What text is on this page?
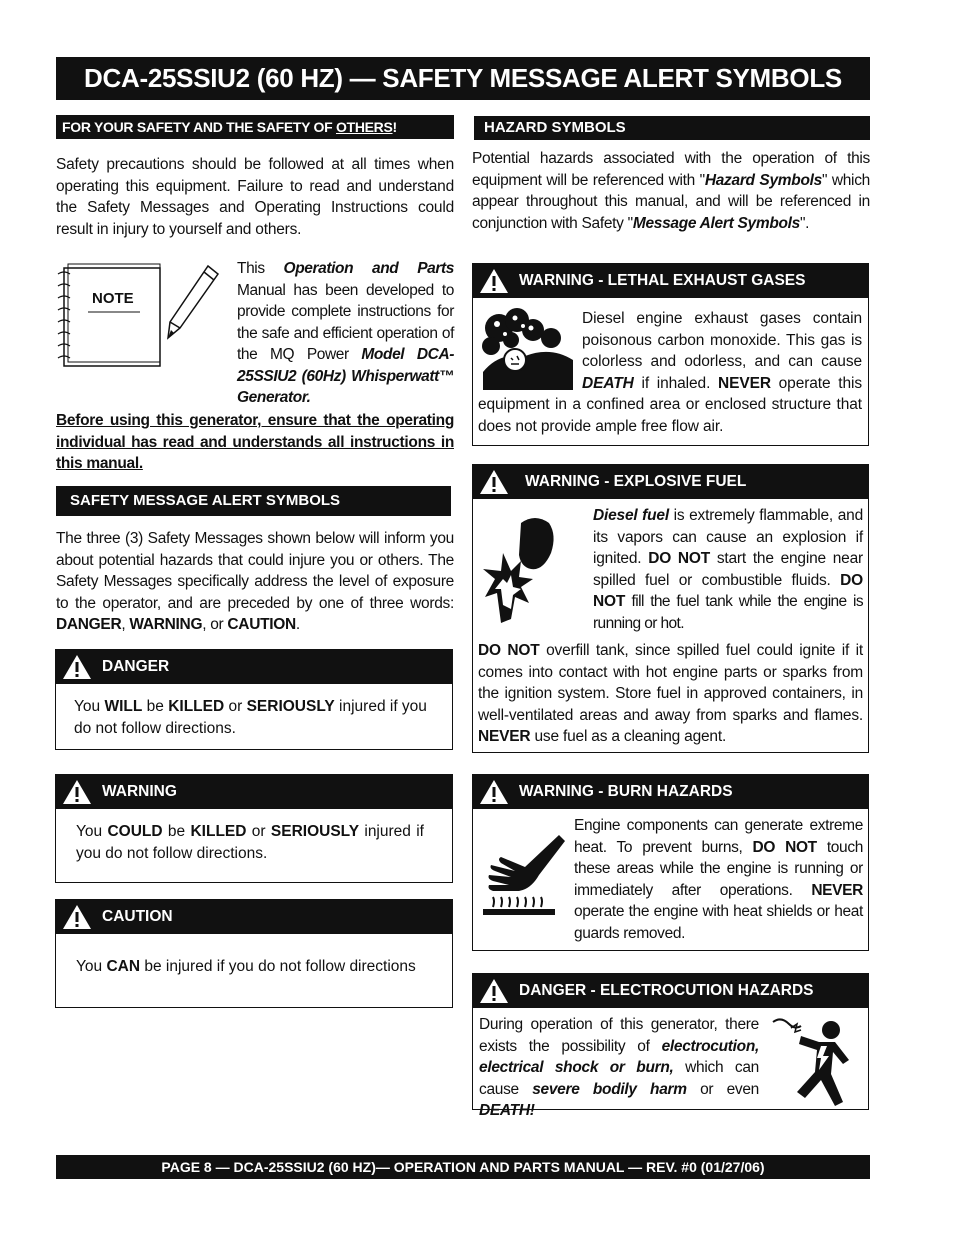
DCA-25SSIU2 (60 HZ) — SAFETY MESSAGE ALERT SYMBOLS
FOR YOUR SAFETY AND THE SAFETY OF OTHERS!
Safety precautions should be followed at all times when operating this equipment. Failure to read and understand the Safety Messages and Operating Instructions could result in injury to yourself and others.
NOTE
This Operation and Parts Manual has been developed to provide complete instructions for the safe and efficient operation of the MQ Power Model DCA-25SSIU2 (60Hz) Whisperwatt™ Generator.
Before using this generator, ensure that the operating individual has read and understands all instructions in this manual.
SAFETY MESSAGE ALERT SYMBOLS
The three (3) Safety Messages shown below will inform you about potential hazards that could injure you or others. The Safety Messages specifically address the level of exposure to the operator, and are preceded by one of three words: DANGER, WARNING, or CAUTION.
DANGER
You WILL be KILLED or SERIOUSLY injured if you do not follow directions.
WARNING
You COULD be KILLED or SERIOUSLY injured if you do not follow directions.
CAUTION
You CAN be injured if you do not follow directions
HAZARD SYMBOLS
Potential hazards associated with the operation of this equipment will be referenced with "Hazard Symbols" which appear throughout this manual, and will be referenced in conjunction with Safety "Message Alert Symbols".
WARNING - LETHAL EXHAUST GASES
Diesel engine exhaust gases contain poisonous carbon monoxide. This gas is colorless and odorless, and can cause DEATH if inhaled. NEVER operate this equipment in a confined area or enclosed structure that does not provide ample free flow air.
WARNING - EXPLOSIVE FUEL
Diesel fuel is extremely flammable, and its vapors can cause an explosion if ignited. DO NOT start the engine near spilled fuel or combustible fluids. DO NOT fill the fuel tank while the engine is running or hot.
DO NOT overfill tank, since spilled fuel could ignite if it comes into contact with hot engine parts or sparks from the ignition system. Store fuel in approved containers, in well-ventilated areas and away from sparks and flames. NEVER use fuel as a cleaning agent.
WARNING - BURN HAZARDS
Engine components can generate extreme heat. To prevent burns, DO NOT touch these areas while the engine is running or immediately after operations. NEVER operate the engine with heat shields or heat guards removed.
DANGER - ELECTROCUTION HAZARDS
During operation of this generator, there exists the possibility of electrocution, electrical shock or burn, which can cause severe bodily harm or even DEATH!
PAGE 8 — DCA-25SSIU2 (60 HZ)— OPERATION AND PARTS MANUAL — REV. #0 (01/27/06)
